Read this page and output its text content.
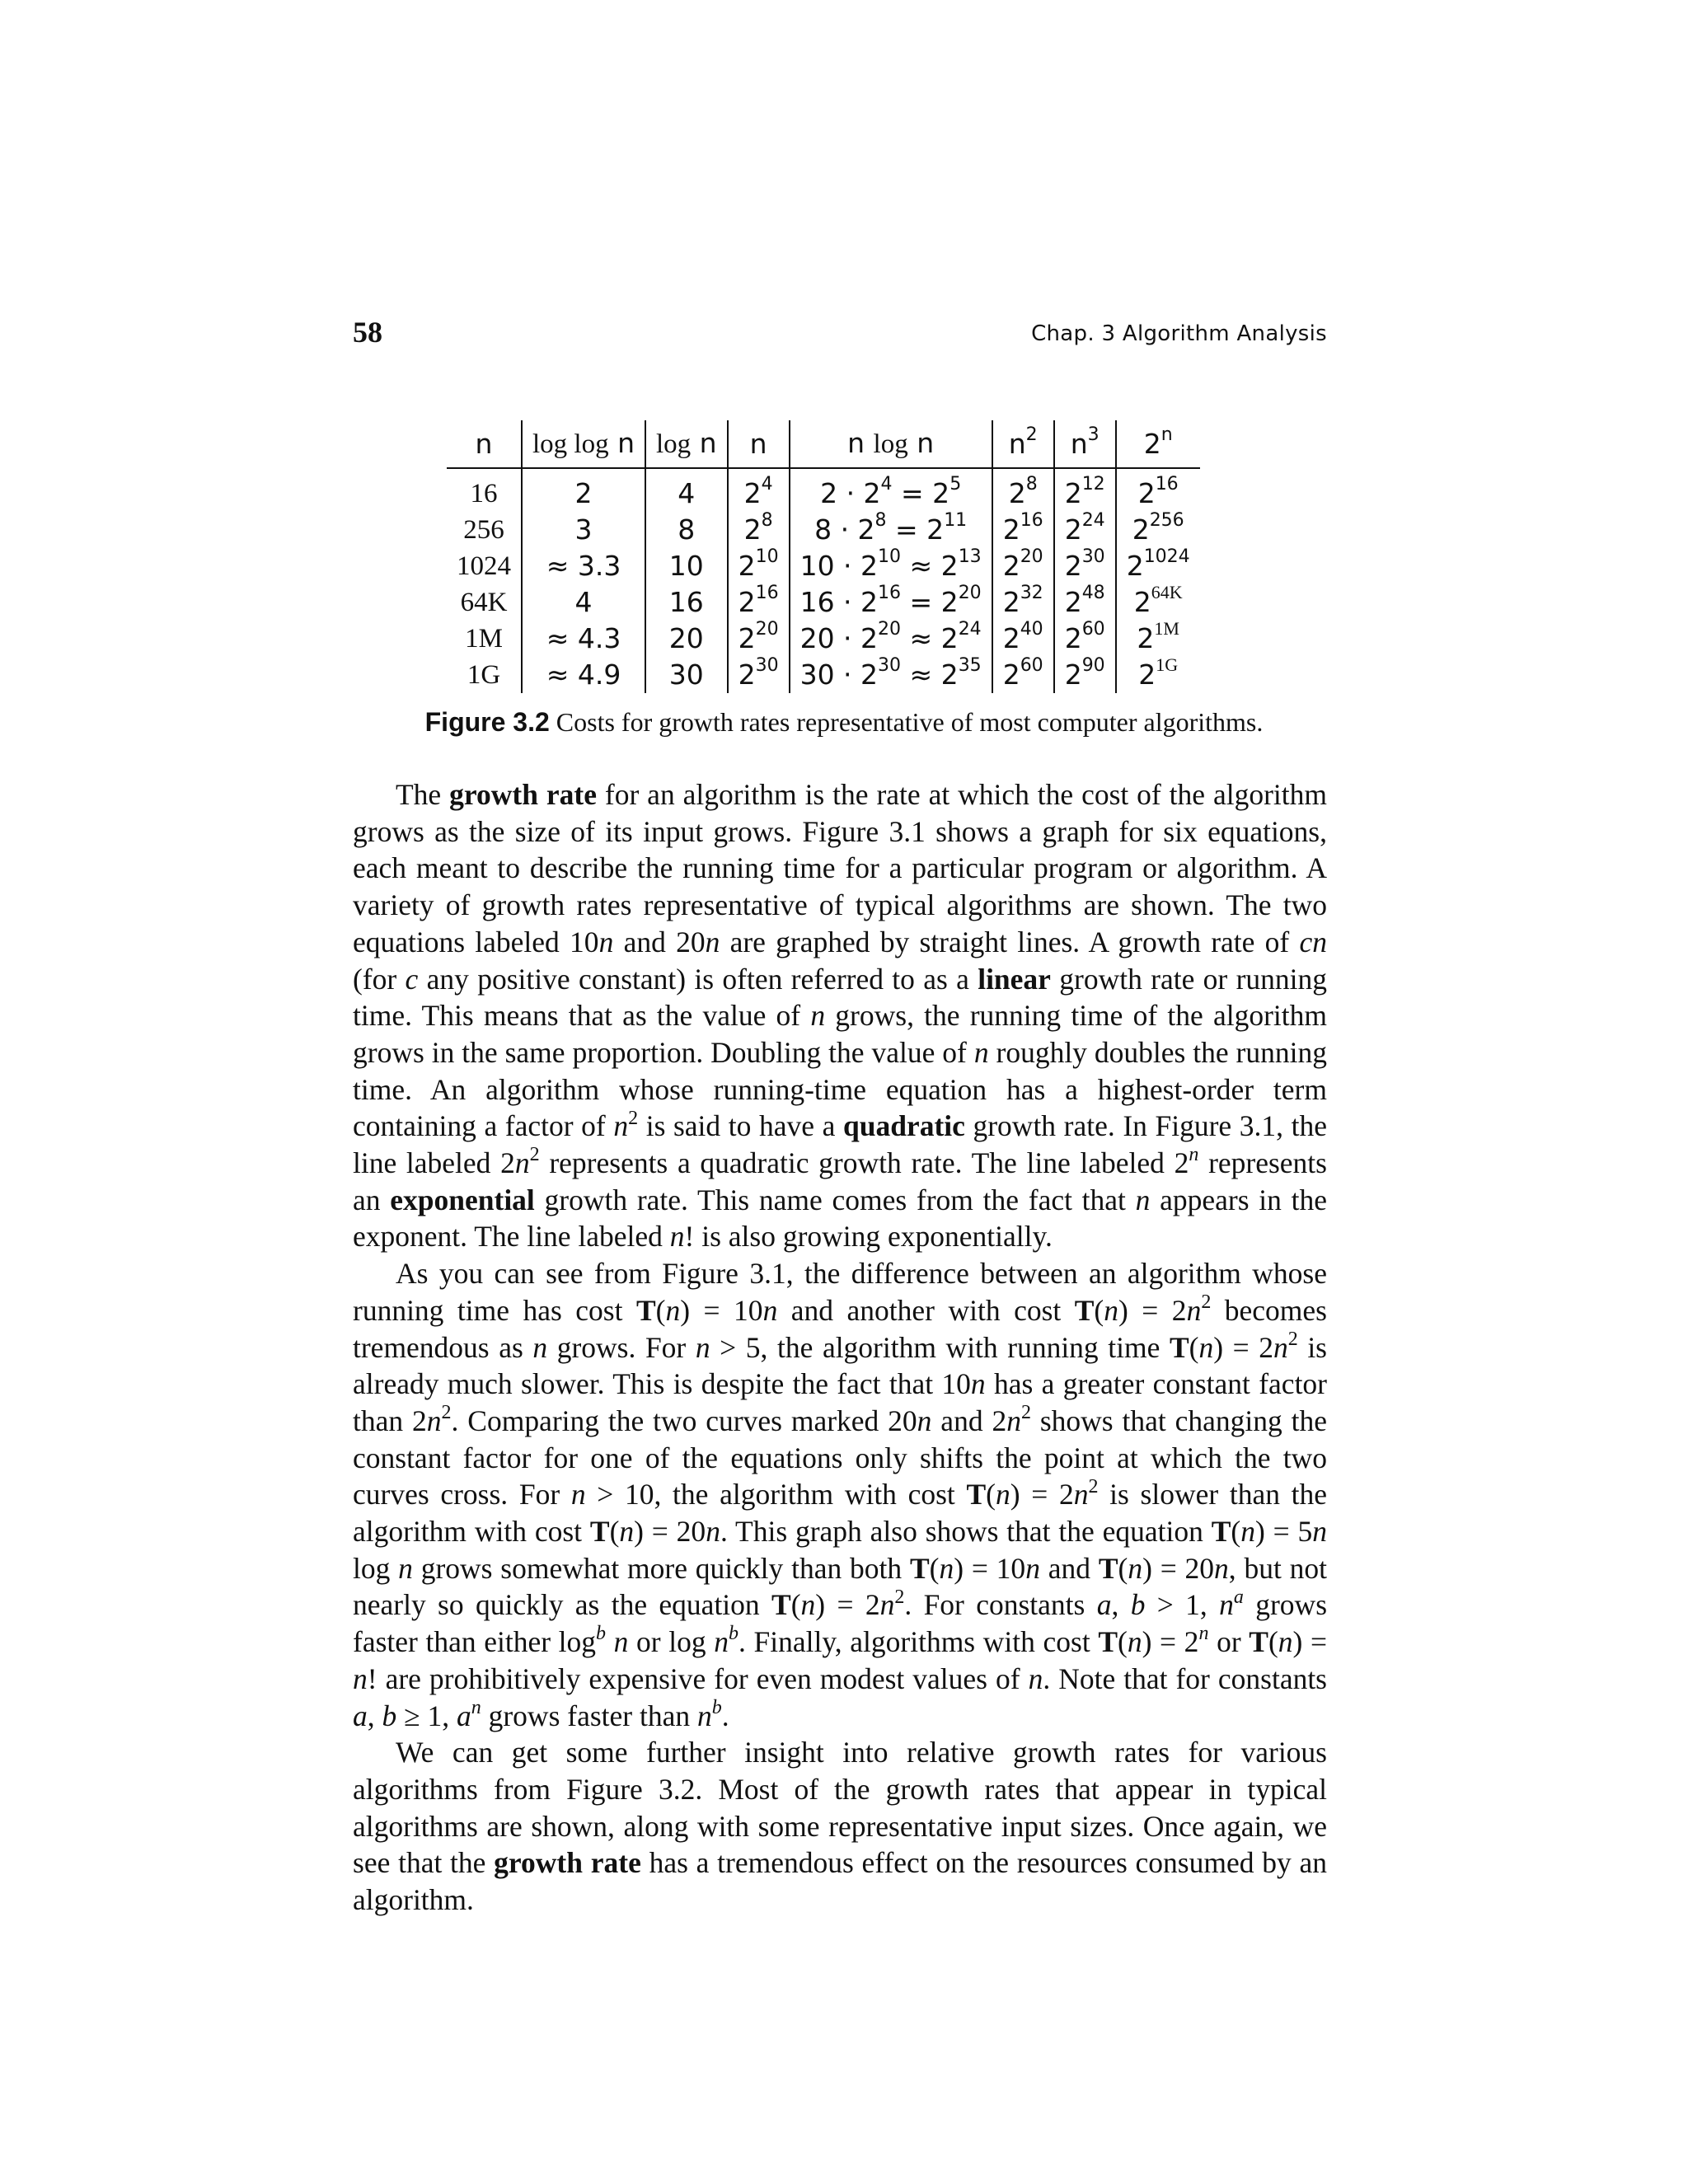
58	Chap. 3 Algorithm Analysis
n	log log n	log n	n	n log n	$n^2$	$n^3$	2$^n$
16	2	4	$2^4$	$2 \cdot 2^4 = 2^5$	$2^8$	$2^{12}$	$2^{16}$
256	3	8	$2^8$	$8 \cdot 2^8 = 2^{11}$	$2^{16}$	$2^{24}$	$2^{256}$
1024	≈ 3.3	10	$2^{10}$	$10 \cdot 2^{10} \approx 2^{13}$	$2^{20}$	$2^{30}$	$2^{1024}$
64K	4	16	$2^{16}$	$16 \cdot 2^{16} = 2^{20}$	$2^{32}$	$2^{48}$	$2^{64K}$
1M	≈ 4.3	20	$2^{20}$	$20 \cdot 2^{20} \approx 2^{24}$	$2^{40}$	$2^{60}$	$2^{1M}$
1G	≈ 4.9	30	$2^{30}$	$30 \cdot 2^{30} \approx 2^{35}$	$2^{60}$	$2^{90}$	$2^{1G}$
Figure 3.2 Costs for growth rates representative of most computer algorithms.

The growth rate for an algorithm is the rate at which the cost of the algorithm grows as the size of its input grows. Figure 3.1 shows a graph for six equations, each meant to describe the running time for a particular program or algorithm. A variety of growth rates representative of typical algorithms are shown. The two equations labeled 10n and 20n are graphed by straight lines. A growth rate of cn (for c any positive constant) is often referred to as a linear growth rate or running time. This means that as the value of n grows, the running time of the algorithm grows in the same proportion. Doubling the value of n roughly doubles the running time. An algorithm whose running-time equation has a highest-order term containing a factor of $n^2$ is said to have a quadratic growth rate. In Figure 3.1, the line labeled $2n^2$ represents a quadratic growth rate. The line labeled 2$^n$ represents an exponential growth rate. This name comes from the fact that n appears in the exponent. The line labeled n! is also growing exponentially.

As you can see from Figure 3.1, the difference between an algorithm whose running time has cost T(n) = 10n and another with cost $T(n) = 2n^2$ becomes tremendous as n grows. For n > 5, the algorithm with running time $T(n) = 2n^2$ is already much slower. This is despite the fact that 10n has a greater constant factor than $2n^2$. Comparing the two curves marked 20n and $2n^2$ shows that changing the constant factor for one of the equations only shifts the point at which the two curves cross. For n > 10, the algorithm with cost $T(n) = 2n^2$ is slower than the algorithm with cost T(n) = 20n. This graph also shows that the equation T(n) = 5n log n grows somewhat more quickly than both T(n) = 10n and T(n) = 20n, but not nearly so quickly as the equation $T(n) = 2n^2$. For constants a, b > 1, $n^a$ grows faster than either $\log^b n$ or $\log n^b$. Finally, algorithms with cost $T(n) = 2^n$ or T(n) = n! are prohibitively expensive for even modest values of n. Note that for constants a, b ≥ 1, $a^n$ grows faster than $n^b$.

We can get some further insight into relative growth rates for various algorithms from Figure 3.2. Most of the growth rates that appear in typical algorithms are shown, along with some representative input sizes. Once again, we see that the growth rate has a tremendous effect on the resources consumed by an algorithm.
